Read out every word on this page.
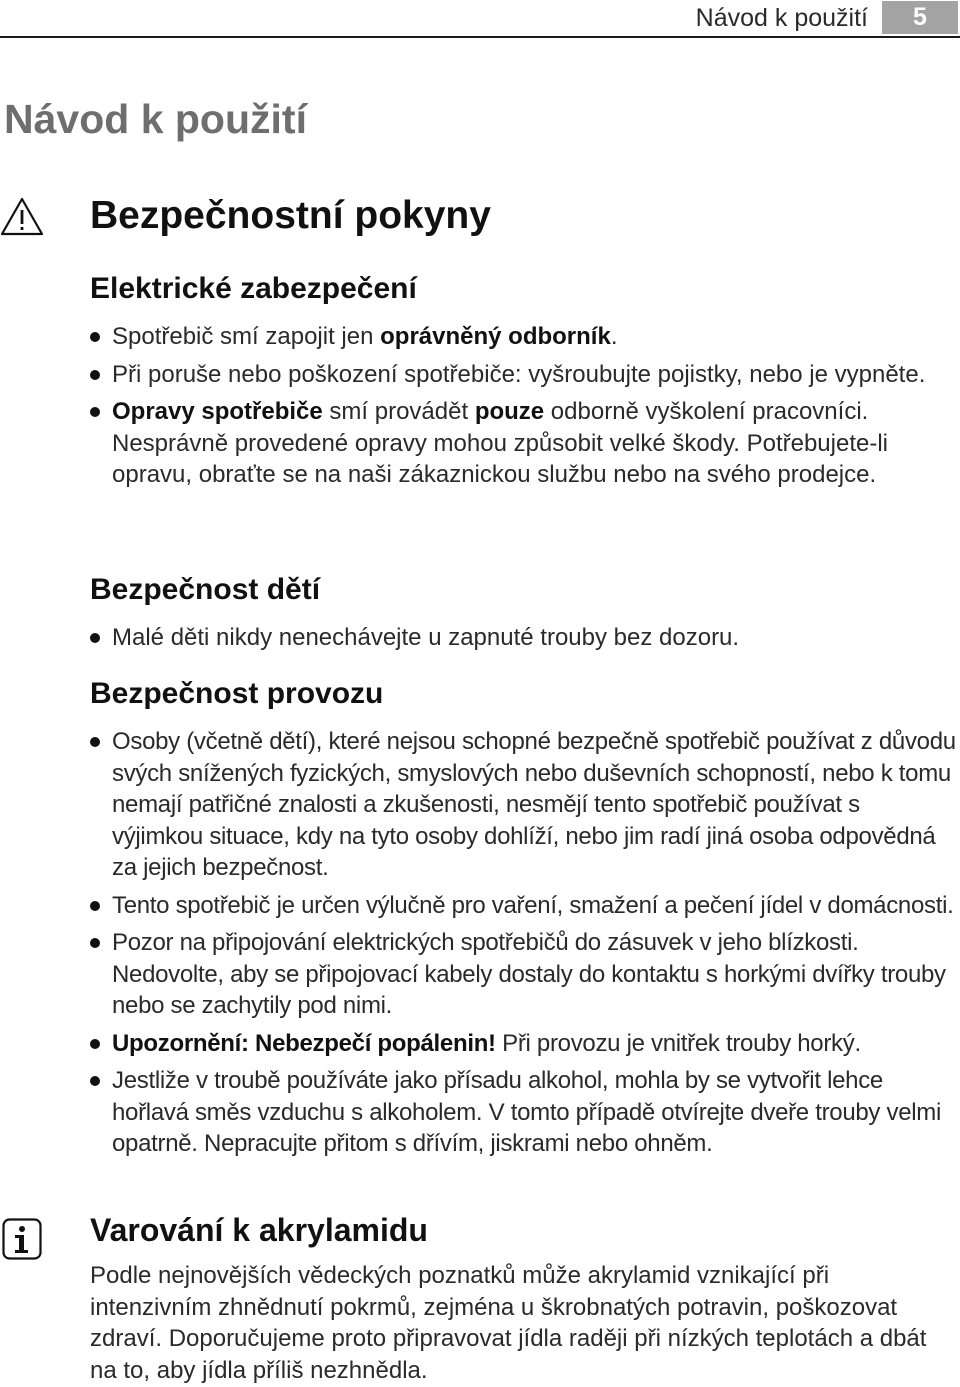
Návod k použití	5
Návod k použití
Bezpečnostní pokyny
Elektrické zabezpečení
Spotřebič smí zapojit jen oprávněný odborník.
Při poruše nebo poškození spotřebiče: vyšroubujte pojistky, nebo je vypněte.
Opravy spotřebiče smí provádět pouze odborně vyškolení pracovníci. Nesprávně provedené opravy mohou způsobit velké škody. Potřebujete-li opravu, obraťte se na naši zákaznickou službu nebo na svého prodejce.
Bezpečnost dětí
Malé děti nikdy nenechávejte u zapnuté trouby bez dozoru.
Bezpečnost provozu
Osoby (včetně dětí), které nejsou schopné bezpečně spotřebič používat z důvodu svých snížených fyzických, smyslových nebo duševních schopností, nebo k tomu nemají patřičné znalosti a zkušenosti, nesmějí tento spotřebič používat s výjimkou situace, kdy na tyto osoby dohlíží, nebo jim radí jiná osoba odpovědná za jejich bezpečnost.
Tento spotřebič je určen výlučně pro vaření, smažení a pečení jídel v domácnosti.
Pozor na připojování elektrických spotřebičů do zásuvek v jeho blízkosti. Nedovolte, aby se připojovací kabely dostaly do kontaktu s horkými dvířky trouby nebo se zachytily pod nimi.
Upozornění: Nebezpečí popálenin! Při provozu je vnitřek trouby horký.
Jestliže v troubě používáte jako přísadu alkohol, mohla by se vytvořit lehce hořlavá směs vzduchu s alkoholem. V tomto případě otvírejte dveře trouby velmi opatrně. Nepracujte přitom s dřívím, jiskrami nebo ohněm.
Varování k akrylamidu

Podle nejnovějších vědeckých poznatků může akrylamid vznikající při intenzivním zhnědnutí pokrmů, zejména u škrobnatých potravin, poškozovat zdraví. Doporučujeme proto připravovat jídla raději při nízkých teplotách a dbát na to, aby jídla příliš nezhnědla.
